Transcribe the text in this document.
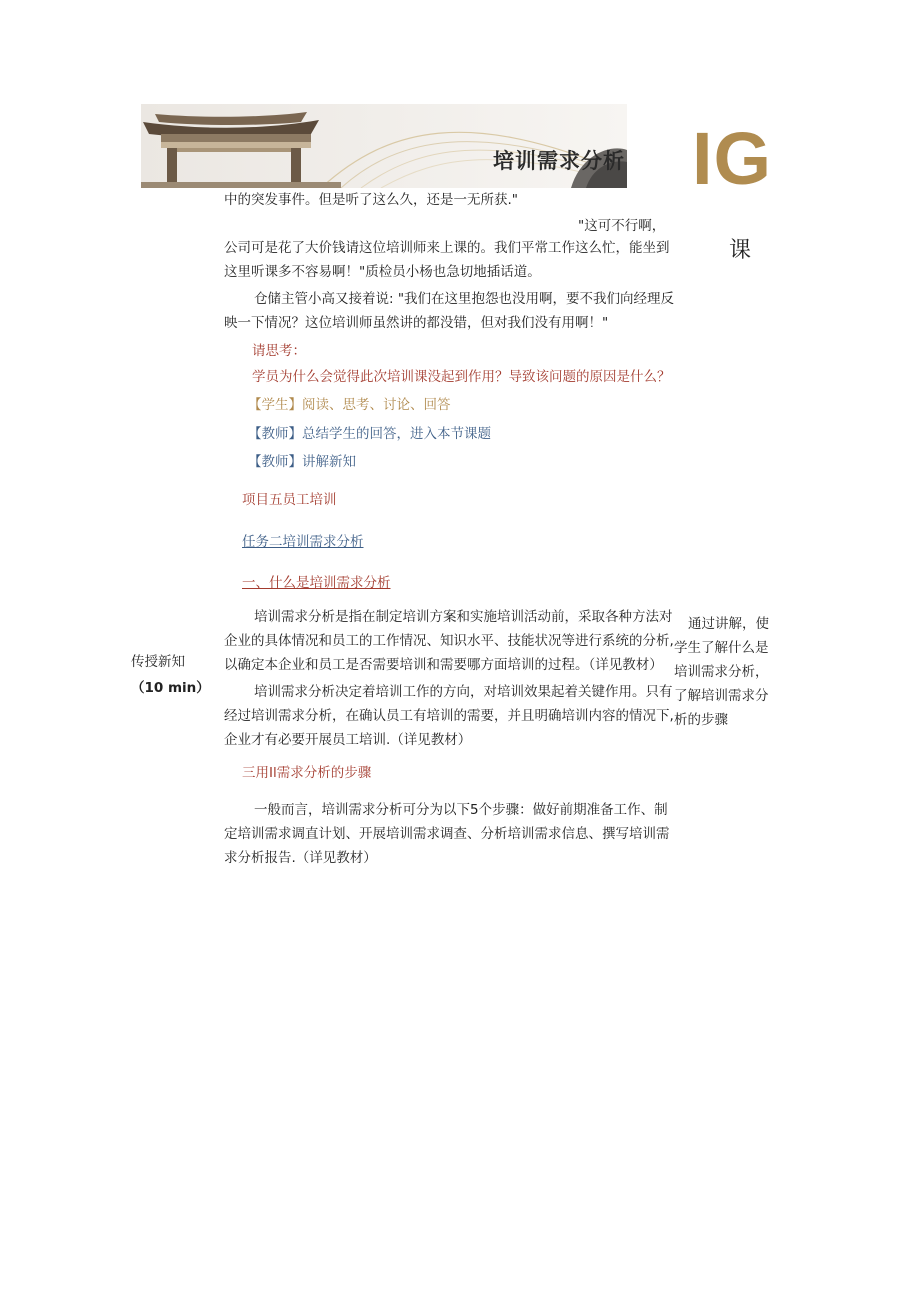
培训需求分析 IG
课
中的突发事件。但是听了这么久，还是一无所获."
"这可不行啊，
公司可是花了大价钱请这位培训师来上课的。我们平常工作这么忙，能坐到
这里听课多不容易啊！"质检员小杨也急切地插话道。
仓储主管小高又接着说: "我们在这里抱怨也没用啊，要不我们向经理反
映一下情况？这位培训师虽然讲的都没错，但对我们没有用啊！"
请思考：
学员为什么会觉得此次培训课没起到作用？导致该问题的原因是什么？
【学生】阅读、思考、讨论、回答
【教师】总结学生的回答，进入本节课题
【教师】讲解新知
项目五员工培训
任务二培训需求分析
一、什么是培训需求分析
培训需求分析是指在制定培训方案和实施培训活动前，采取各种方法对
企业的具体情况和员工的工作情况、知识水平、技能状况等进行系统的分析,
以确定本企业和员工是否需要培训和需要哪方面培训的过程。（详见教材）
培训需求分析决定着培训工作的方向，对培训效果起着关键作用。只有
经过培训需求分析，在确认员工有培训的需要，并且明确培训内容的情况下,
企业才有必要开展员工培训.（详见教材）
三用Il需求分析的步骤
一般而言，培训需求分析可分为以下5个步骤：做好前期准备工作、制
定培训需求调直计划、开展培训需求调查、分析培训需求信息、撰写培训需
求分析报告.（详见教材）
传授新知
（10 min）
通过讲解，使
学生了解什么是
培训需求分析，
了解培训需求分
析的步骤
